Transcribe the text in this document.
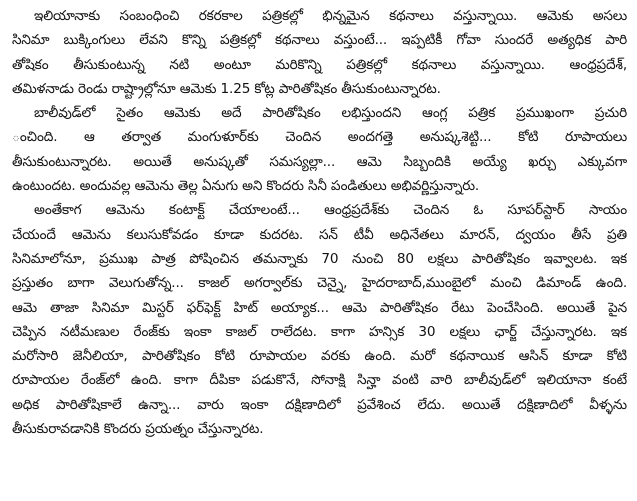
ఇలియానాకు సంబంధించి రకరకాల పత్రికల్లో భిన్నమైన కథనాలు వస్తున్నాయి. ఆమెకు అసలు
సినిమా బుక్కింగులు లేవని కొన్ని పత్రికల్లో కథనాలు వస్తుంటే... ఇప్పటికీ గోవా సుందరే అత్యధిక పారి
తోషికం తీసుకుంటున్న నటి అంటూ మరికొన్ని పత్రికల్లో కథనాలు వస్తున్నాయి. ఆంధ్రప్రదేశ్,
తమిళనాడు రెండు రాష్ట్రాల్లోనూ ఆమెకు 1.25 కోట్ల పారితోషికం తీసుకుంటున్నారట.
బాలీవుడ్‌లో సైతం ఆమెకు అదే పారితోషికం లభిస్తుందని ఆంగ్ల పత్రిక ప్రముఖంగా ప్రచురి
ంచింది. ఆ తర్వాత మంగుళూర్‌కు చెందిన అందగత్తె అనుష్కశెట్టి... కోటి రూపాయలు
తీసుకుంటున్నారట. అయితే అనుష్కతో సమస్యల్లా... ఆమె సిబ్బందికి అయ్యే ఖర్చు ఎక్కువగా
ఉంటుందట. అందువల్ల ఆమెను తెల్ల ఏనుగు అని కొందరు సినీ పండితులు అభివర్ణిస్తున్నారు.
అంతేకాగ ఆమెను కంటాక్ట్ చేయాలంటే... ఆంధ్రప్రదేశ్‌కు చెందిన ఓ సూపర్‌స్టార్ సాయం
చేయందే ఆమెను కలుసుకోవడం కూడా కుదరట. సన్ టీవీ అధినేతలు మారన్, ద్వయం తీసే ప్రతి
సినిమాలోనూ, ప్రముఖ పాత్ర పోషించిన తమన్నాకు 70 నుంచి 80 లక్షలు పారితోషికం ఇవ్వాలట. ఇక
ప్రస్తుతం బాగా వెలుగుతోన్న... కాజల్ అగర్వాల్‌కు చెన్నై, హైదరాబాద్,ముంబైలో మంచి డిమాండ్ ఉంది.
ఆమె తాజా సినిమా మిస్టర్ ఫర్‌ఫెక్ట్ హిట్ అయ్యాక... ఆమె పారితోషికం రేటు పెంచేసింది. అయితే పైన
చెప్పిన నటీమణుల రేంజ్‌కు ఇంకా కాజల్ రాలేదట. కాగా హన్సిక 30 లక్షలు ఛార్జ్ చేస్తున్నారట. ఇక
మరోసారి జెనీలియా, పారితోషికం కోటి రూపాయల వరకు ఉంది. మరో కథనాయిక ఆసిన్ కూడా కోటి
రూపాయల రేంజ్‌లో ఉంది. కాగా దీపికా పడుకొనే, సోనాక్షి సిన్హా వంటి వారి బాలీవుడ్‌లో ఇలియానా కంటే
అధిక పారితోషికాలే ఉన్నా... వారు ఇంకా దక్షిణాదిలో ప్రవేశించ లేదు. అయితే దక్షిణాదిలో వీళ్ళను
తీసుకురావడానికి కొందరు ప్రయత్నం చేస్తున్నారట.
